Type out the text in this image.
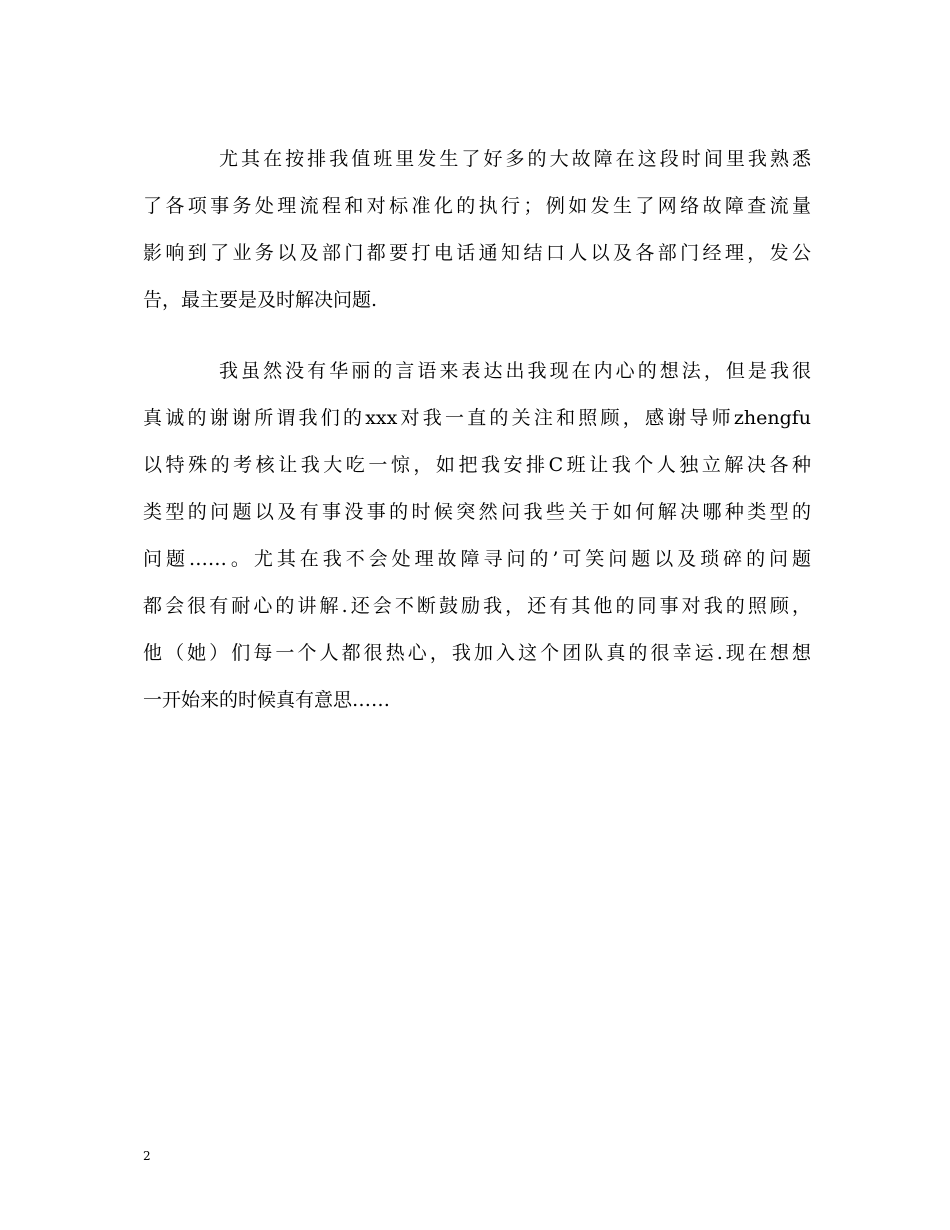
尤其在按排我值班里发生了好多的大故障在这段时间里我熟悉
了各项事务处理流程和对标准化的执行；例如发生了网络故障查流量
影响到了业务以及部门都要打电话通知结口人以及各部门经理，发公
告，最主要是及时解决问题.
我虽然没有华丽的言语来表达出我现在内心的想法，但是我很
真诚的谢谢所谓我们的xxx对我一直的关注和照顾，感谢导师zhengfu
以特殊的考核让我大吃一惊，如把我安排C班让我个人独立解决各种
类型的问题以及有事没事的时候突然问我些关于如何解决哪种类型的
问题……。尤其在我不会处理故障寻问的’可笑问题以及琐碎的问题
都会很有耐心的讲解.还会不断鼓励我，还有其他的同事对我的照顾，
他（她）们每一个人都很热心，我加入这个团队真的很幸运.现在想想
一开始来的时候真有意思……
2
